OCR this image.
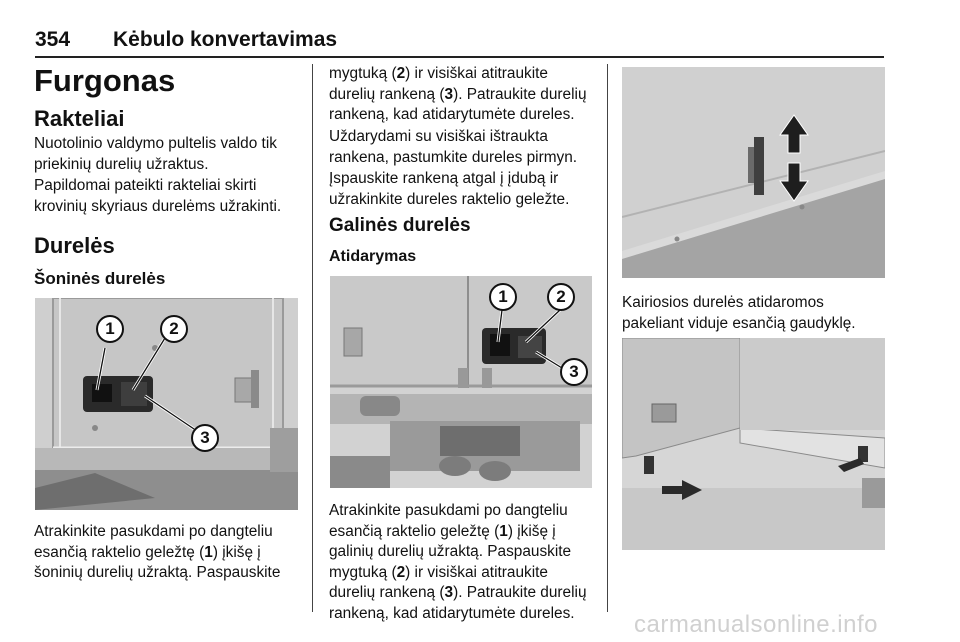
354 Kėbulo konvertavimas
Furgonas
Rakteliai
Nuotolinio valdymo pultelis valdo tik priekinių durelių užraktus.
Papildomai pateikti rakteliai skirti krovinių skyriaus durelėms užrakinti.
Durelės
Šoninės durelės
1	2
3
Atrakinkite pasukdami po dangteliu esančią raktelio geležtę (1) įkišę į šoninių durelių užraktą. Paspauskite
mygtuką (2) ir visiškai atitraukite durelių rankeną (3). Patraukite durelių rankeną, kad atidarytumėte dureles.
Uždarydami su visiškai ištraukta rankena, pastumkite dureles pirmyn.
Įspauskite rankeną atgal į įdubą ir užrakinkite dureles raktelio geležte.
Galinės durelės
Atidarymas
1	2
3
Atrakinkite pasukdami po dangteliu esančią raktelio geležtę (1) įkišę į galinių durelių užraktą. Paspauskite mygtuką (2) ir visiškai atitraukite durelių rankeną (3). Patraukite durelių rankeną, kad atidarytumėte dureles.
Kairiosios durelės atidaromos pakeliant viduje esančią gaudyklę.
carmanualsonline.info
